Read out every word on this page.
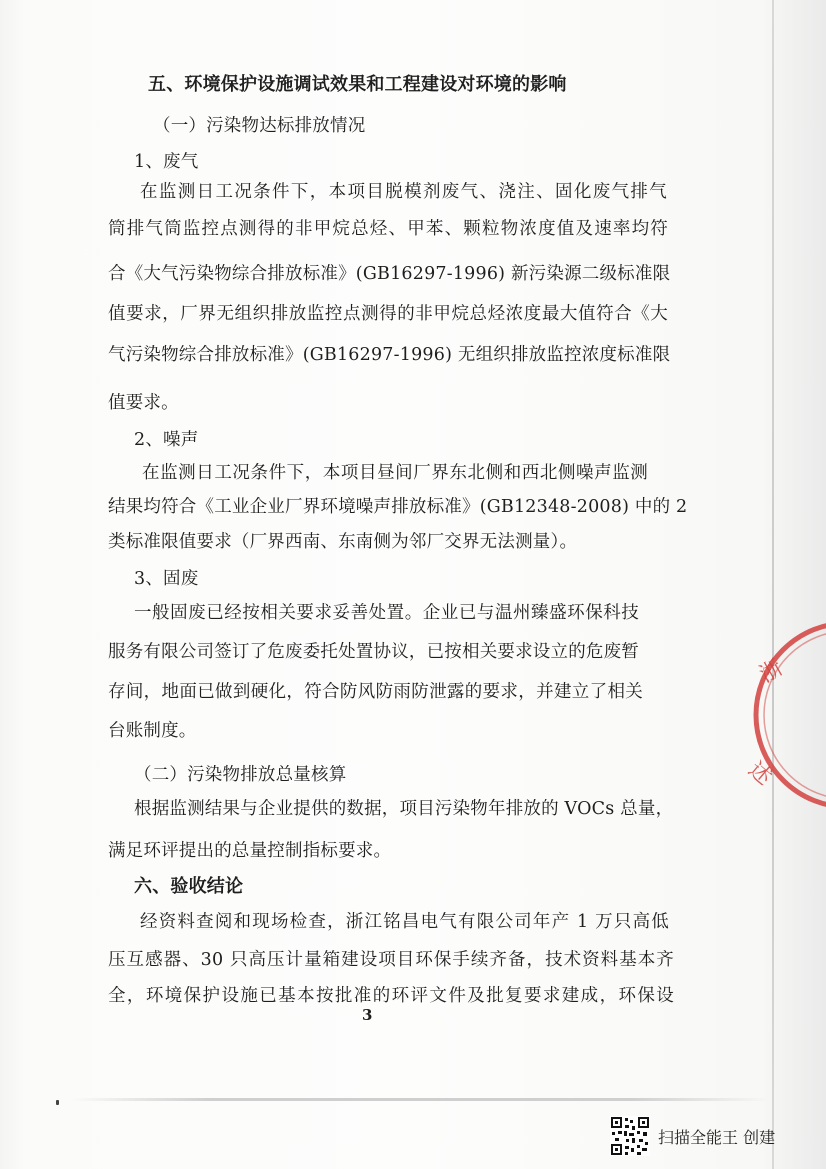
五、环境保护设施调试效果和工程建设对环境的影响
（一）污染物达标排放情况
1、废气
在监测日工况条件下，本项目脱模剂废气、浇注、固化废气排气
筒排气筒监控点测得的非甲烷总烃、甲苯、颗粒物浓度值及速率均符
合《大气污染物综合排放标准》(GB16297-1996) 新污染源二级标准限
值要求，厂界无组织排放监控点测得的非甲烷总烃浓度最大值符合《大
气污染物综合排放标准》(GB16297-1996) 无组织排放监控浓度标准限
值要求。
2、噪声
在监测日工况条件下，本项目昼间厂界东北侧和西北侧噪声监测
结果均符合《工业企业厂界环境噪声排放标准》(GB12348-2008) 中的 2
类标准限值要求（厂界西南、东南侧为邻厂交界无法测量）。
3、固废
一般固废已经按相关要求妥善处置。企业已与温州臻盛环保科技
服务有限公司签订了危废委托处置协议，已按相关要求设立的危废暂
存间，地面已做到硬化，符合防风防雨防泄露的要求，并建立了相关
台账制度。
（二）污染物排放总量核算
根据监测结果与企业提供的数据，项目污染物年排放的 VOCs 总量，
满足环评提出的总量控制指标要求。
六、验收结论
经资料查阅和现场检查，浙江铭昌电气有限公司年产 1 万只高低
压互感器、30 只高压计量箱建设项目环保手续齐备，技术资料基本齐
全，环境保护设施已基本按批准的环评文件及批复要求建成，环保设
3
浙
述
扫描全能王 创建
